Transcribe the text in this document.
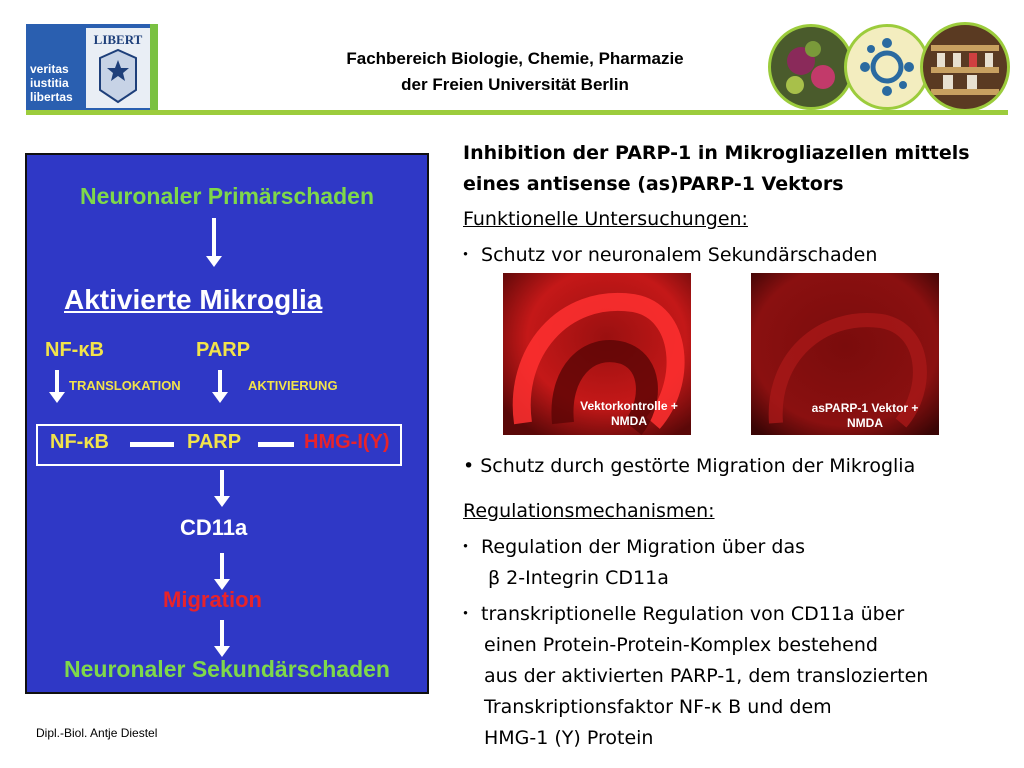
LIBERT
veritas
iustitia
libertas
Fachbereich Biologie, Chemie, Pharmazie
der Freien Universität Berlin
Neuronaler Primärschaden
Aktivierte Mikroglia
NF-κB	PARP
TRANSLOKATION	AKTIVIERUNG
NF-κB	PARP	HMG-I(Y)
CD11a
Migration
Neuronaler Sekundärschaden
Inhibition der PARP-1 in Mikrogliazellen mittels
eines antisense (as)PARP-1 Vektors
Funktionelle Untersuchungen:
・ Schutz vor neuronalem Sekundärschaden
Vektorkontrolle +
NMDA
asPARP-1 Vektor +
NMDA
• Schutz durch gestörte Migration der Mikroglia
Regulationsmechanismen:
・ Regulation der Migration über das
β 2-Integrin CD11a
・ transkriptionelle Regulation von CD11a über
einen Protein-Protein-Komplex bestehend
aus der aktivierten PARP-1, dem translozierten
Transkriptionsfaktor NF-κ B und dem
HMG-1 (Y) Protein
Dipl.-Biol. Antje Diestel
